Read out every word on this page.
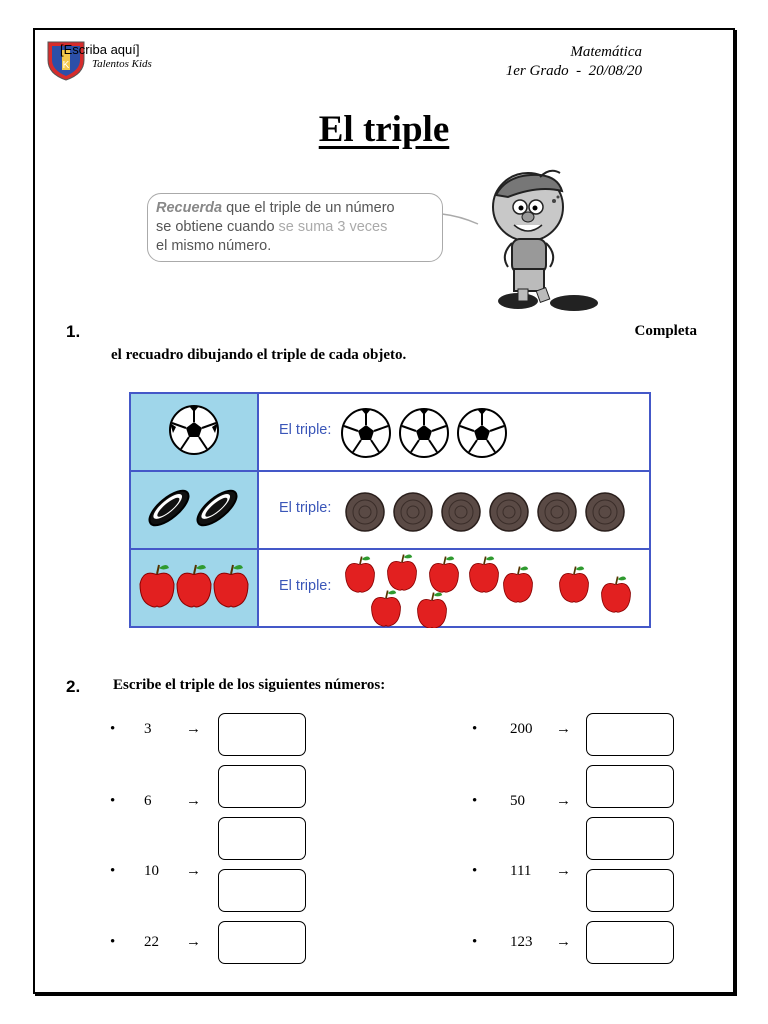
K
[Escriba aquí]
Talentos Kids
Matemática
1er Grado  -  20/08/20
El triple
Recuerda que el triple de un número
se obtiene cuando se suma 3 veces
el mismo número.
1.	Completa
el recuadro dibujando el triple de cada objeto.

El triple:

El triple:

El triple:
2. Escribe el triple de los siguientes números:
• 3 →
• 6 →
• 10 →
• 22 →
• 200 →
• 50 →
• 111 →
• 123 →
